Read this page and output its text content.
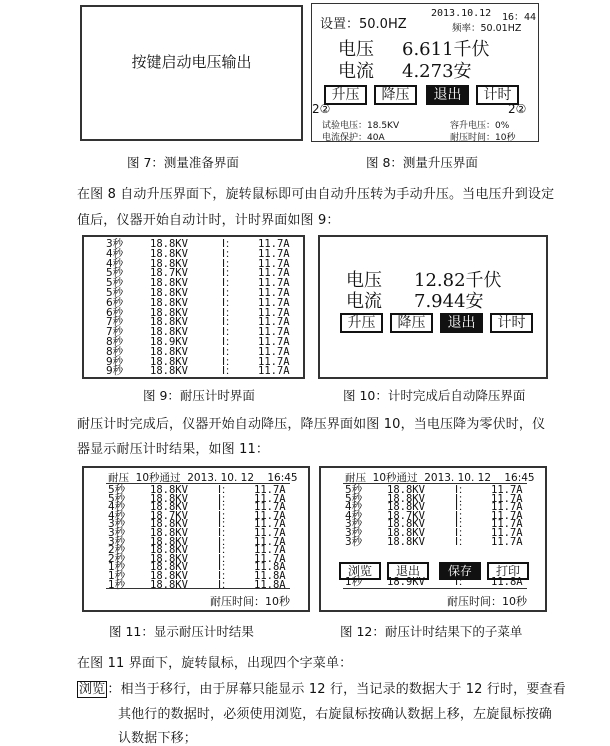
按键启动电压输出
图 7：测量准备界面
设置：50.0HZ
2013.10.12 16：44
频率：50.01HZ
电压 6.611千伏
电流 4.273安
升压	降压	退出	计时
2②	2②
试验电压：18.5KV	容升电压：0%
电流保护：40A	耐压时间：10秒
图 8：测量升压界面
在图 8 自动升压界面下，旋转鼠标即可由自动升压转为手动升压。当电压升到设定
值后，仪器开始自动计时，计时界面如图 9：
3秒	18.8KV	I： 11.7A
4秒	18.8KV	I： 11.7A
4秒	18.8KV	I： 11.7A
5秒	18.7KV	I： 11.7A
5秒	18.8KV	I： 11.7A
5秒	18.8KV	I： 11.7A
6秒	18.8KV	I： 11.7A
6秒	18.8KV	I： 11.7A
7秒	18.8KV	I： 11.7A
7秒	18.8KV	I： 11.7A
8秒	18.9KV	I： 11.7A
8秒	18.8KV	I： 11.7A
9秒	18.8KV	I： 11.7A
9秒	18.8KV	I： 11.7A
图 9：耐压计时界面
电压 12.82千伏
电流 7.944安
升压	降压	退出	计时
图 10：计时完成后自动降压界面
耐压计时完成后，仪器开始自动降压，降压界面如图 10，当电压降为零伏时，仪
器显示耐压计时结果，如图 11：
耐压  10秒通过  2013. 10. 12    16:45
5秒 18.8KV	I： 11.7A
5秒 18.8KV	I： 11.7A
4秒 18.8KV	I： 11.7A
4秒 18.7KV	I： 11.7A
3秒 18.8KV	I： 11.7A
3秒 18.8KV	I： 11.7A
3秒 18.8KV	I： 11.7A
2秒 18.8KV	I： 11.7A
2秒 18.8KV	I： 11.7A
1秒 18.8KV	I： 11.8A
1秒 18.8KV	I： 11.8A
1秒 18.8KV	I： 11.8A
耐压时间：10秒
图 11：显示耐压计时结果
耐压  10秒通过  2013. 10. 12    16:45
5秒 18.8KV	I： 11.7A
5秒 18.8KV	I： 11.7A
4秒 18.8KV	I： 11.7A
4秒 18.7KV	I： 11.7A
3秒 18.8KV	I： 11.7A
3秒 18.8KV	I： 11.7A
3秒 18.8KV	I： 11.7A
浏览	退出	保存	打印
1秒 18.9KV	I： 11.8A
耐压时间：10秒
图 12：耐压计时结果下的子菜单
在图 11 界面下，旋转鼠标，出现四个字菜单：
浏览 ：相当于移行，由于屏幕只能显示 12 行，当记录的数据大于 12 行时，要查看
其他行的数据时，必须使用浏览，右旋鼠标按确认数据上移，左旋鼠标按确
认数据下移；
